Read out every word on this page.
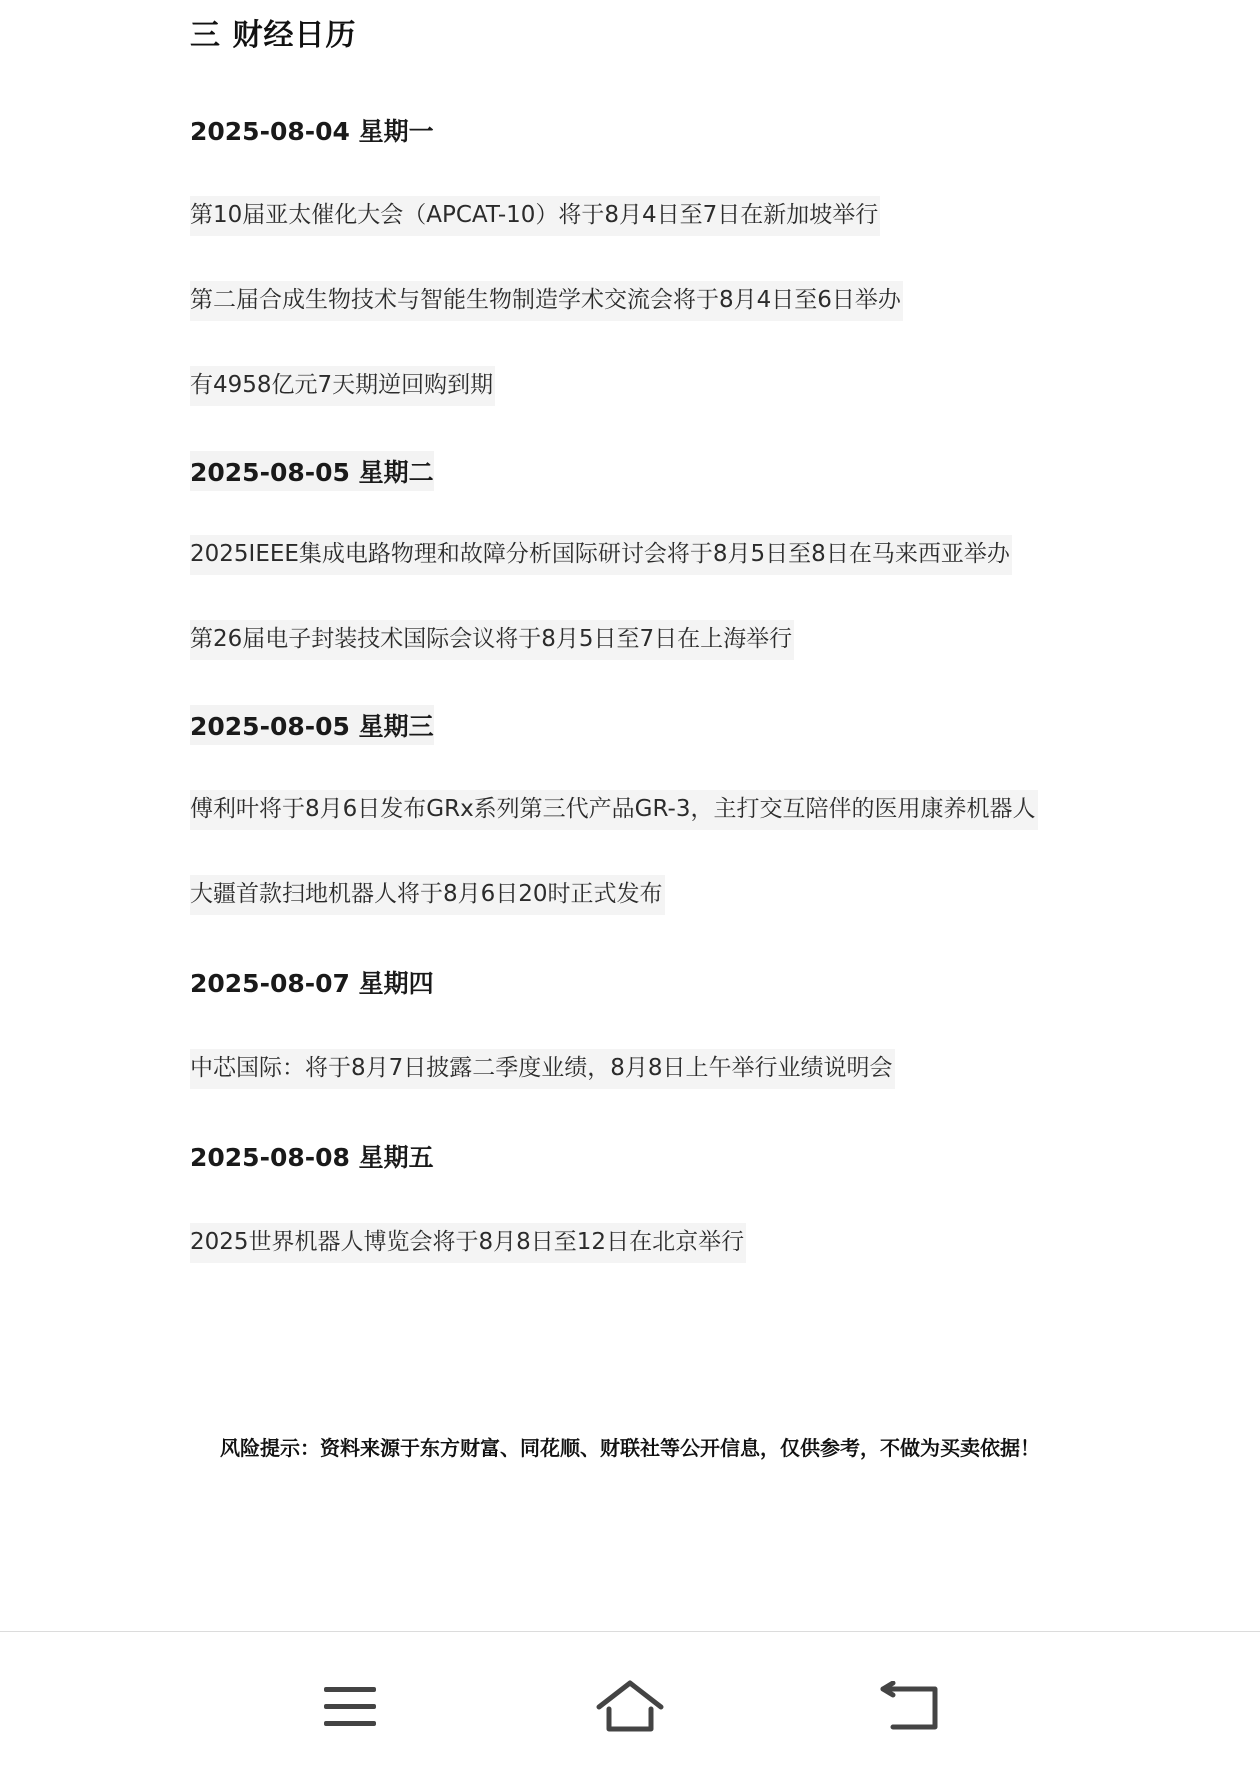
三 财经日历
2025-08-04 星期一
第10届亚太催化大会（APCAT-10）将于8月4日至7日在新加坡举行
第二届合成生物技术与智能生物制造学术交流会将于8月4日至6日举办
有4958亿元7天期逆回购到期
2025-08-05 星期二
2025IEEE集成电路物理和故障分析国际研讨会将于8月5日至8日在马来西亚举办
第26届电子封装技术国际会议将于8月5日至7日在上海举行
2025-08-05 星期三
傅利叶将于8月6日发布GRx系列第三代产品GR-3，主打交互陪伴的医用康养机器人
大疆首款扫地机器人将于8月6日20时正式发布
2025-08-07 星期四
中芯国际：将于8月7日披露二季度业绩，8月8日上午举行业绩说明会
2025-08-08 星期五
2025世界机器人博览会将于8月8日至12日在北京举行
风险提示：资料来源于东方财富、同花顺、财联社等公开信息，仅供参考，不做为买卖依据！
